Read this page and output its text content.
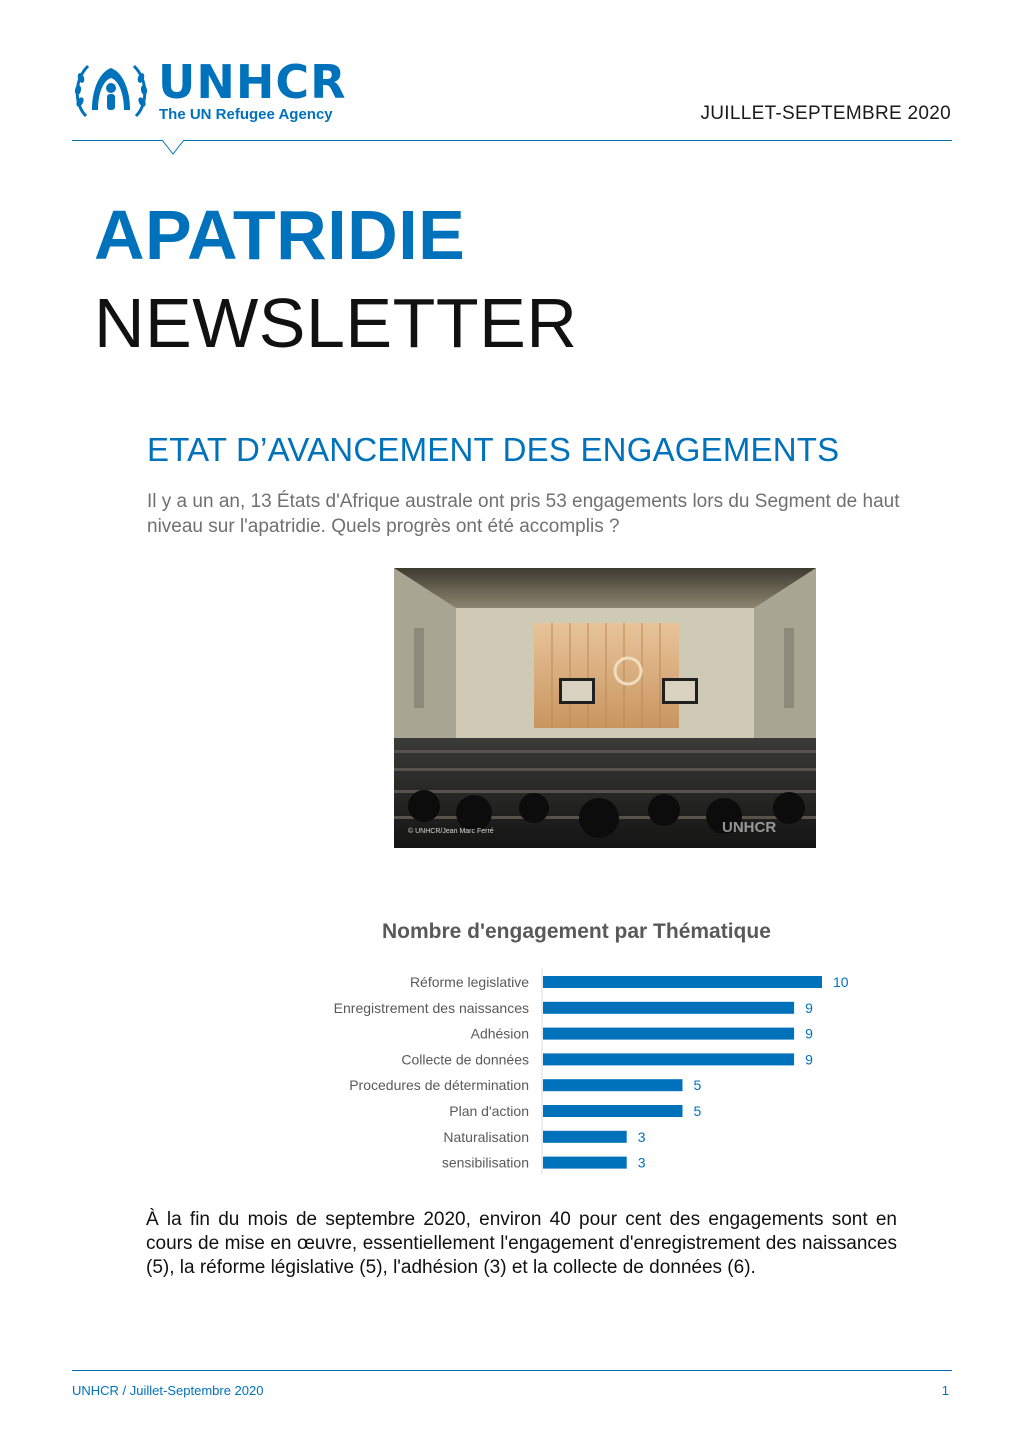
UNHCR
The UN Refugee Agency	JUILLET-SEPTEMBRE 2020
APATRIDIE
NEWSLETTER
ETAT D’AVANCEMENT DES ENGAGEMENTS
Il y a un an, 13 États d'Afrique australe ont pris 53 engagements lors du Segment de haut niveau sur l'apatridie. Quels progrès ont été accomplis ?
© UNHCR/Jean Marc Ferré	UNHCR
Nombre d'engagement par Thématique
Réforme legislative	10
Enregistrement des naissances	9
Adhésion	9
Collecte de données	9
Procedures de détermination	5
Plan d'action	5
Naturalisation	3
sensibilisation	3
À la fin du mois de septembre 2020, environ 40 pour cent des engagements sont en cours de mise en œuvre, essentiellement l'engagement d'enregistrement des naissances (5), la réforme législative (5), l'adhésion (3) et la collecte de données (6).
UNHCR / Juillet-Septembre 2020	1
